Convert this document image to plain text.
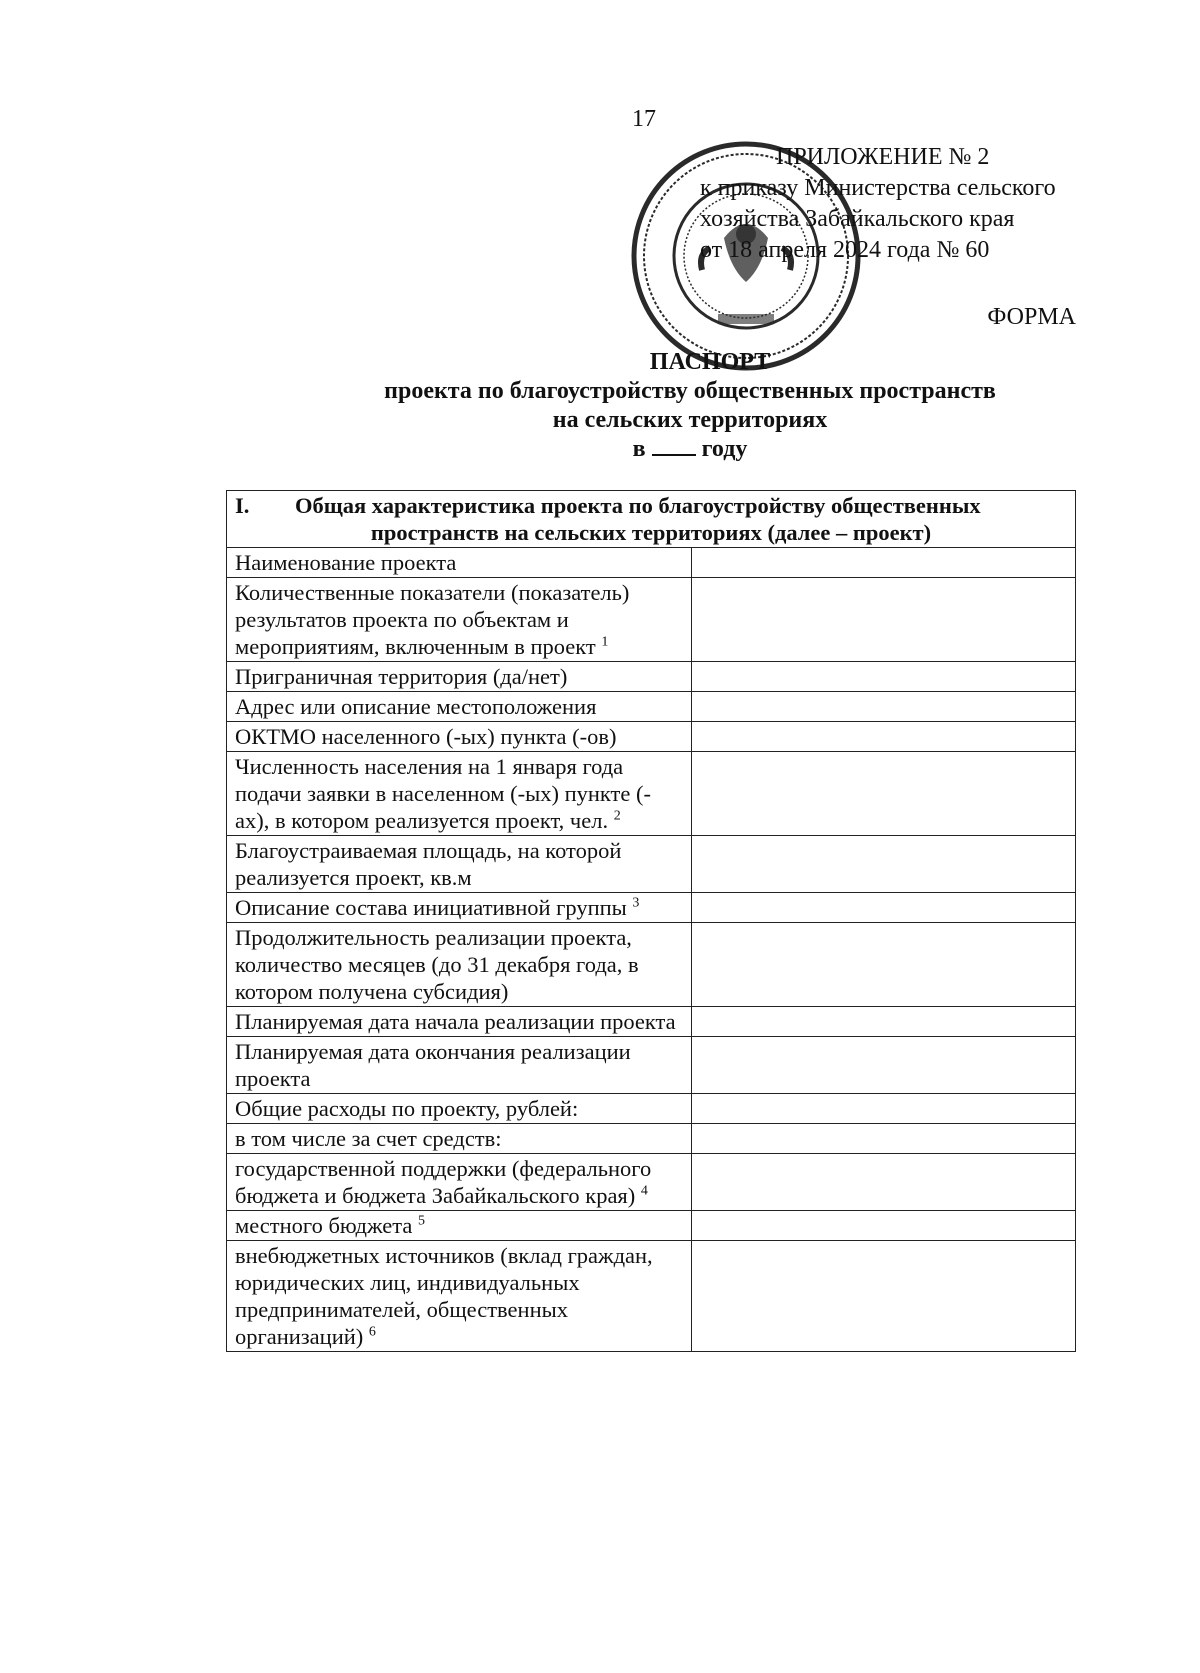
17
ПРИЛОЖЕНИЕ № 2
к приказу Министерства сельского
хозяйства Забайкальского края
от 18 апреля 2024 года № 60
ФОРМА
ПАСПОРТ
проекта по благоустройству общественных пространств
на сельских территориях
в году
I. Общая характеристика проекта по благоустройству общественных
пространств на сельских территориях (далее – проект)	

Наименование проекта	
Количественные показатели (показатель) результатов проекта по объектам и мероприятиям, включенным в проект $^1$	
Приграничная территория (да/нет)	
Адрес или описание местоположения	
ОКТМО населенного (-ых) пункта (-ов)	
Численность населения на 1 января года подачи заявки в населенном (-ых) пункте (-ах), в котором реализуется проект, чел. $^2$	
Благоустраиваемая площадь, на которой реализуется проект, кв.м	
Описание состава инициативной группы $^3$	
Продолжительность реализации проекта, количество месяцев (до 31 декабря года, в котором получена субсидия)	
Планируемая дата начала реализации проекта	
Планируемая дата окончания реализации проекта	
Общие расходы по проекту, рублей:	
в том числе за счет средств:	
государственной поддержки (федерального бюджета и бюджета Забайкальского края) $^4$	
местного бюджета $^5$	
внебюджетных источников (вклад граждан, юридических лиц, индивидуальных предпринимателей, общественных организаций) $^6$	
